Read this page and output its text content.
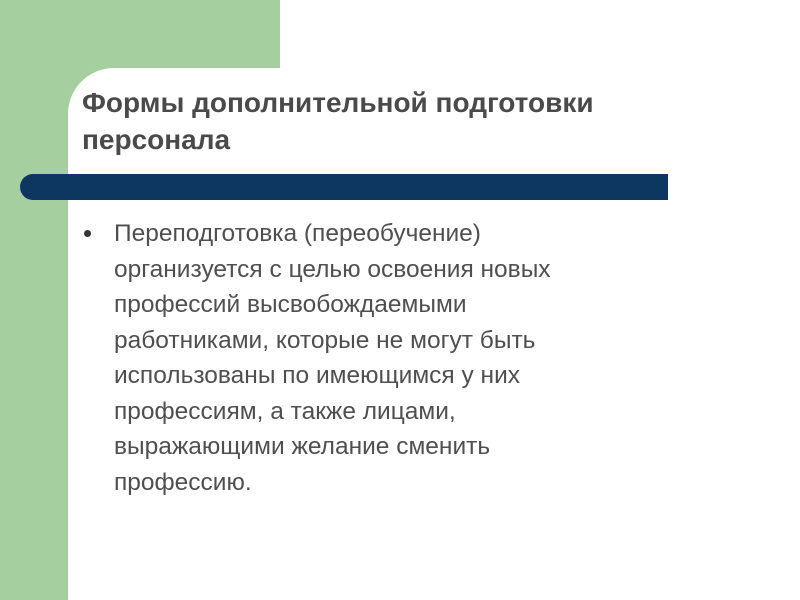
Формы дополнительной подготовки
персонала
Переподготовка (переобучение)
организуется с целью освоения новых
профессий высвобождаемыми
работниками, которые не могут быть
использованы по имеющимся у них
профессиям, а также лицами,
выражающими желание сменить
профессию.
